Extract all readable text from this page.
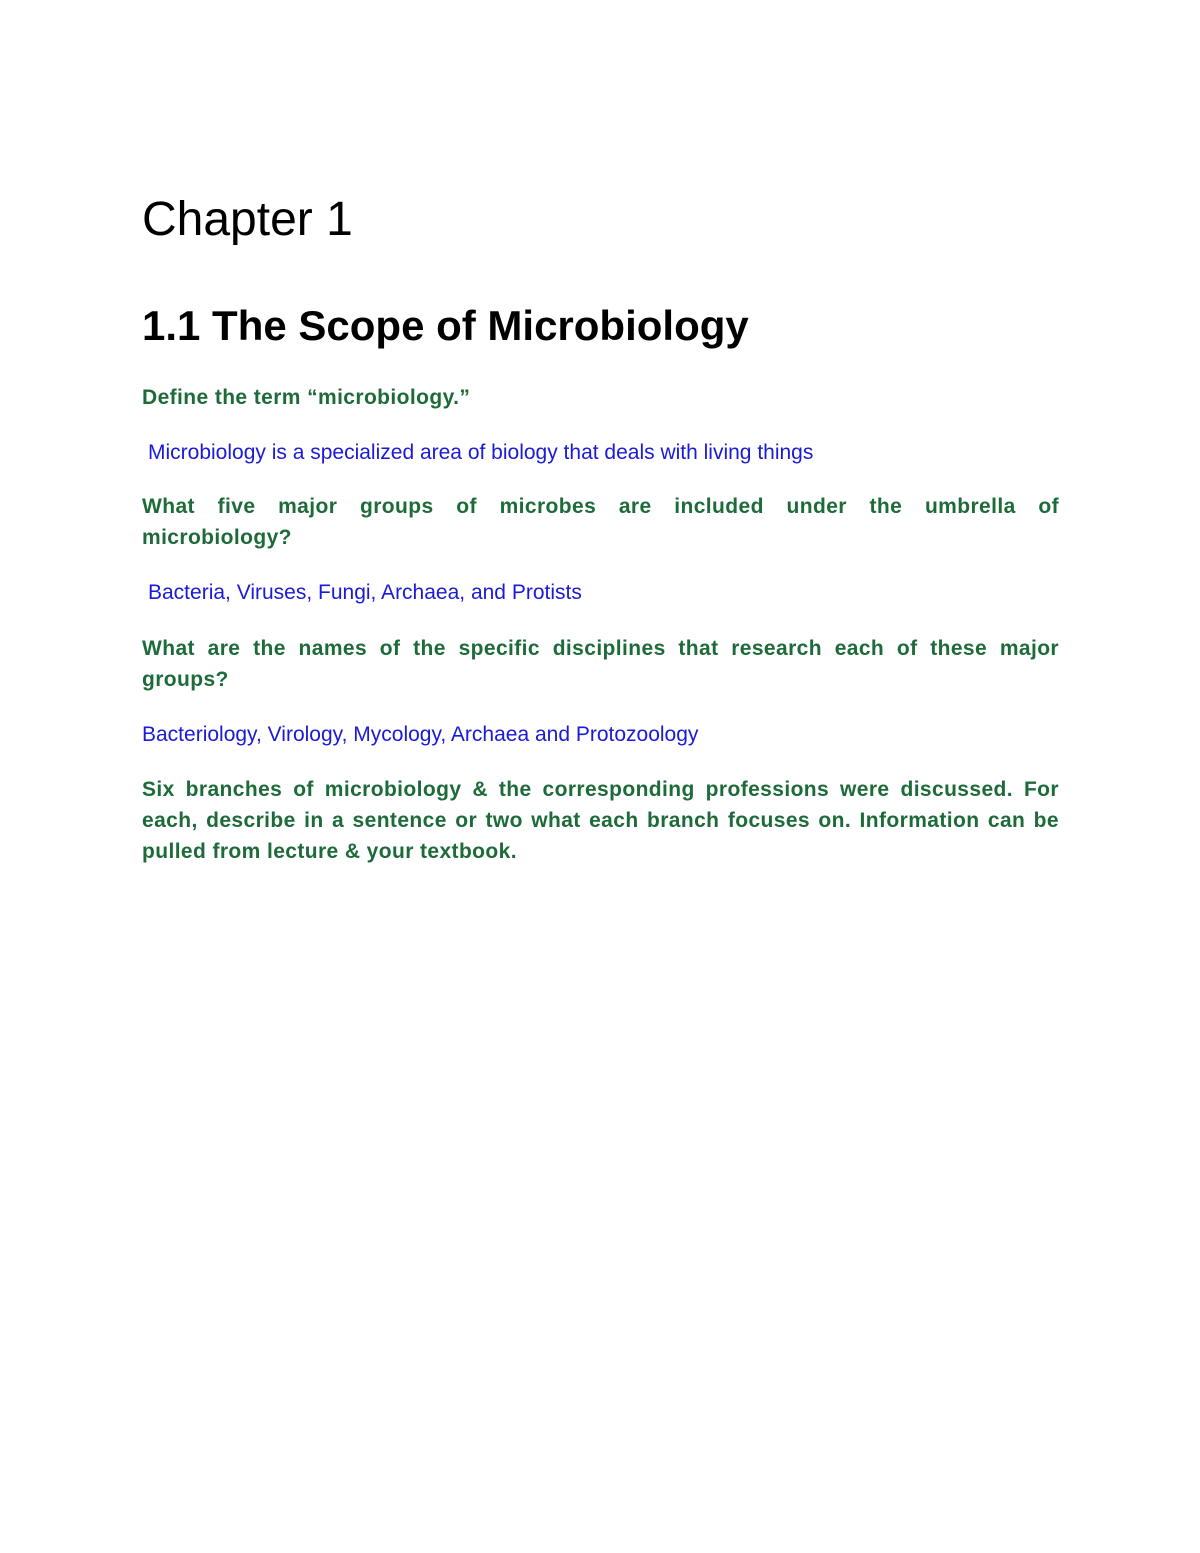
Chapter 1
1.1 The Scope of Microbiology

Define the term “microbiology.”

Microbiology is a specialized area of biology that deals with living things

What five major groups of microbes are included under the umbrella of microbiology?

Bacteria, Viruses, Fungi, Archaea, and Protists

What are the names of the specific disciplines that research each of these major groups?

Bacteriology, Virology, Mycology, Archaea and Protozoology

Six branches of microbiology & the corresponding professions were discussed. For each, describe in a sentence or two what each branch focuses on. Information can be pulled from lecture & your textbook.
